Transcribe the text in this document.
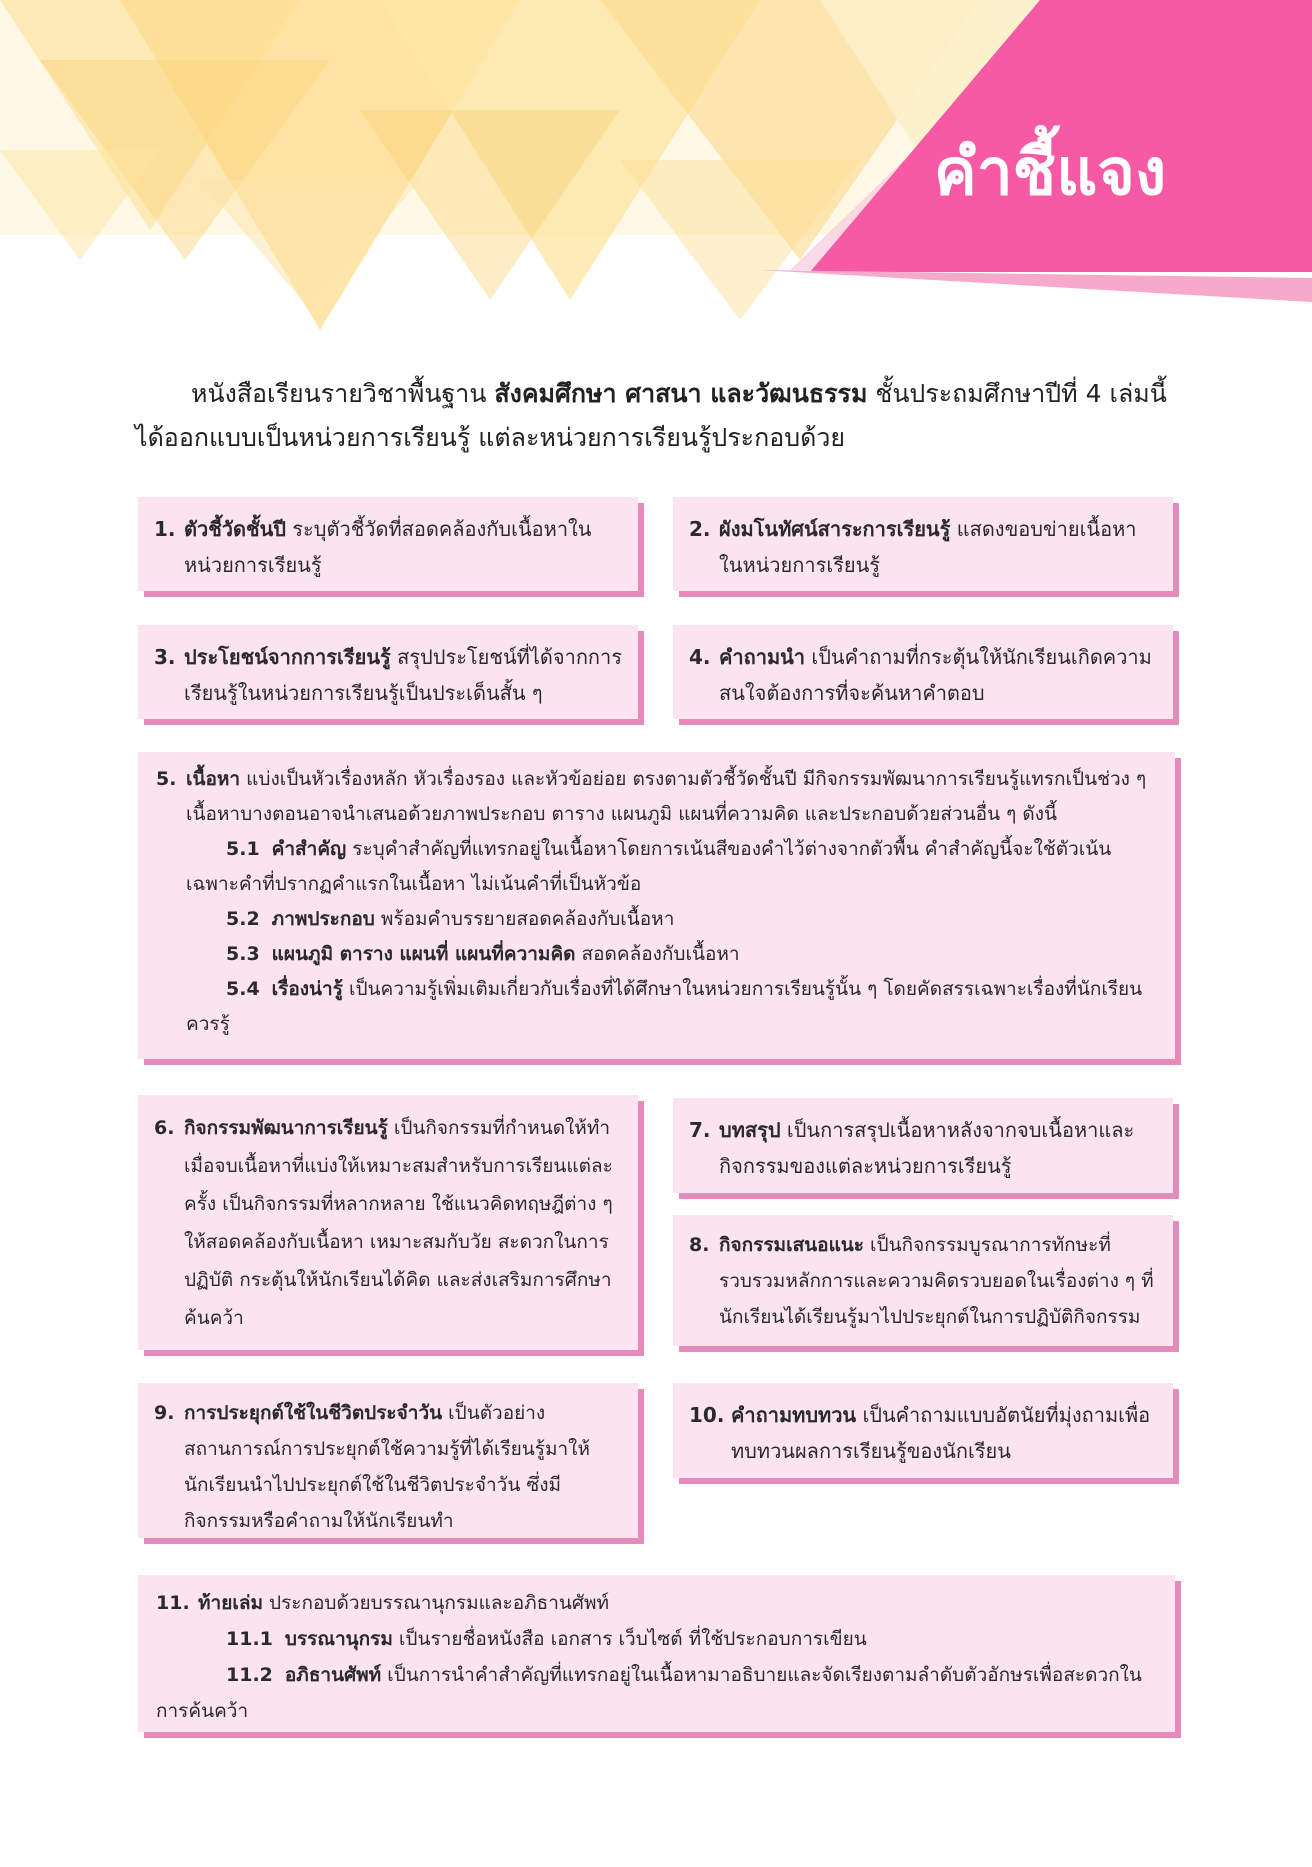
คำชี้แจง
หนังสือเรียนรายวิชาพื้นฐาน สังคมศึกษา ศาสนา และวัฒนธรรม ชั้นประถมศึกษาปีที่ 4 เล่มนี้
ได้ออกแบบเป็นหน่วยการเรียนรู้ แต่ละหน่วยการเรียนรู้ประกอบด้วย
1. ตัวชี้วัดชั้นปี ระบุตัวชี้วัดที่สอดคล้องกับเนื้อหาในหน่วยการเรียนรู้
2. ผังมโนทัศน์สาระการเรียนรู้ แสดงขอบข่ายเนื้อหาในหน่วยการเรียนรู้
3. ประโยชน์จากการเรียนรู้ สรุปประโยชน์ที่ได้จากการเรียนรู้ในหน่วยการเรียนรู้เป็นประเด็นสั้น ๆ
4. คำถามนำ เป็นคำถามที่กระตุ้นให้นักเรียนเกิดความสนใจต้องการที่จะค้นหาคำตอบ
5. เนื้อหา แบ่งเป็นหัวเรื่องหลัก หัวเรื่องรอง และหัวข้อย่อย ตรงตามตัวชี้วัดชั้นปี มีกิจกรรมพัฒนาการเรียนรู้แทรกเป็นช่วง ๆ เนื้อหาบางตอนอาจนำเสนอด้วยภาพประกอบ ตาราง แผนภูมิ แผนที่ความคิด และประกอบด้วยส่วนอื่น ๆ ดังนี้
5.1 คำสำคัญ ระบุคำสำคัญที่แทรกอยู่ในเนื้อหาโดยการเน้นสีของคำไว้ต่างจากตัวพื้น คำสำคัญนี้จะใช้ตัวเน้นเฉพาะคำที่ปรากฏคำแรกในเนื้อหา ไม่เน้นคำที่เป็นหัวข้อ
5.2 ภาพประกอบ พร้อมคำบรรยายสอดคล้องกับเนื้อหา
5.3 แผนภูมิ ตาราง แผนที่ แผนที่ความคิด สอดคล้องกับเนื้อหา
5.4 เรื่องน่ารู้ เป็นความรู้เพิ่มเติมเกี่ยวกับเรื่องที่ได้ศึกษาในหน่วยการเรียนรู้นั้น ๆ โดยคัดสรรเฉพาะเรื่องที่นักเรียนควรรู้
6. กิจกรรมพัฒนาการเรียนรู้ เป็นกิจกรรมที่กำหนดให้ทำเมื่อจบเนื้อหาที่แบ่งให้เหมาะสมสำหรับการเรียนแต่ละครั้ง เป็นกิจกรรมที่หลากหลาย ใช้แนวคิดทฤษฎีต่าง ๆ ให้สอดคล้องกับเนื้อหา เหมาะสมกับวัย สะดวกในการปฏิบัติ กระตุ้นให้นักเรียนได้คิด และส่งเสริมการศึกษาค้นคว้า
7. บทสรุป เป็นการสรุปเนื้อหาหลังจากจบเนื้อหาและกิจกรรมของแต่ละหน่วยการเรียนรู้
8. กิจกรรมเสนอแนะ เป็นกิจกรรมบูรณาการทักษะที่รวบรวมหลักการและความคิดรวบยอดในเรื่องต่าง ๆ ที่นักเรียนได้เรียนรู้มาไปประยุกต์ในการปฏิบัติกิจกรรม
9. การประยุกต์ใช้ในชีวิตประจำวัน เป็นตัวอย่างสถานการณ์การประยุกต์ใช้ความรู้ที่ได้เรียนรู้มาให้นักเรียนนำไปประยุกต์ใช้ในชีวิตประจำวัน ซึ่งมีกิจกรรมหรือคำถามให้นักเรียนทำ
10. คำถามทบทวน เป็นคำถามแบบอัตนัยที่มุ่งถามเพื่อทบทวนผลการเรียนรู้ของนักเรียน
11. ท้ายเล่ม ประกอบด้วยบรรณานุกรมและอภิธานศัพท์
11.1 บรรณานุกรม เป็นรายชื่อหนังสือ เอกสาร เว็บไซต์ ที่ใช้ประกอบการเขียน
11.2 อภิธานศัพท์ เป็นการนำคำสำคัญที่แทรกอยู่ในเนื้อหามาอธิบายและจัดเรียงตามลำดับตัวอักษรเพื่อสะดวกในการค้นคว้า
